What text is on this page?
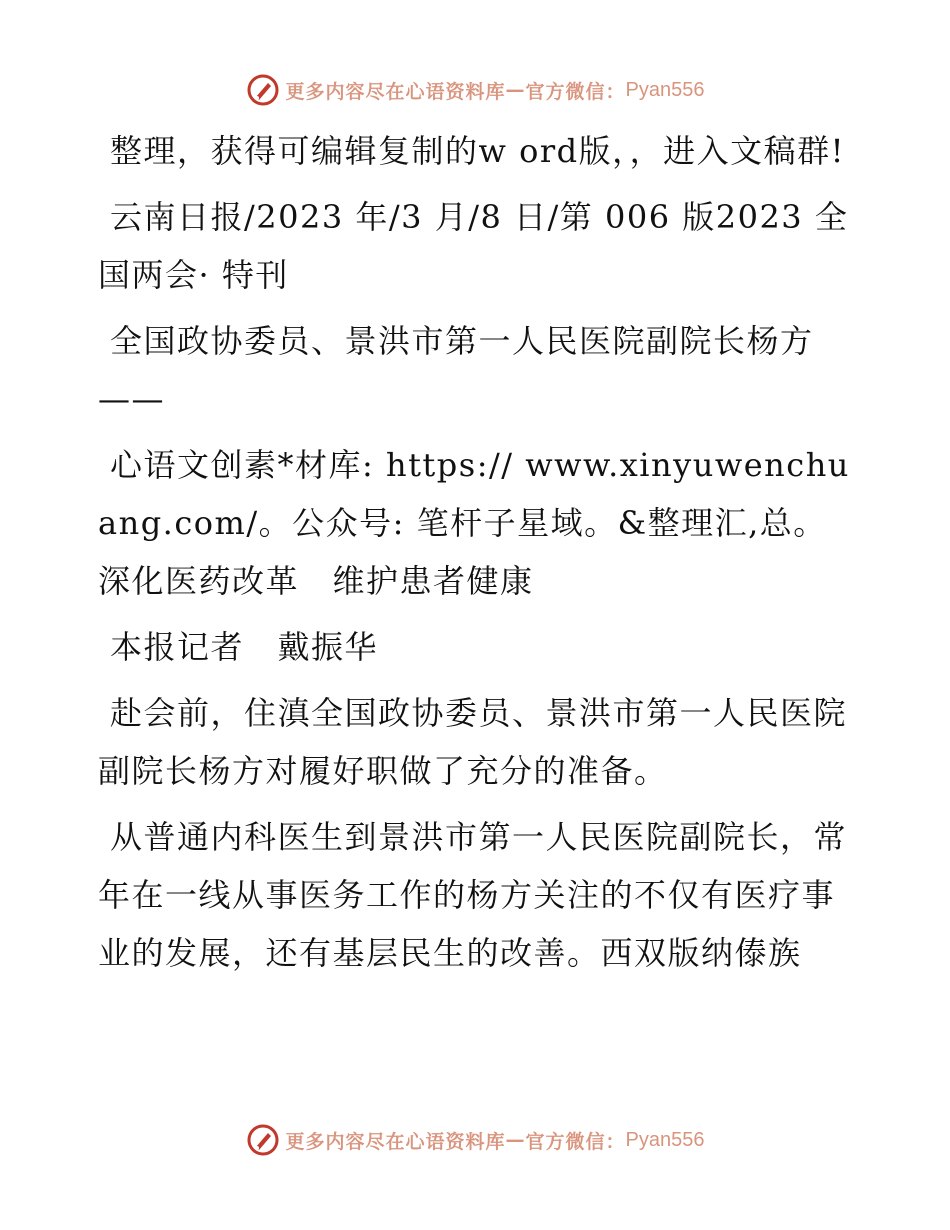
更多内容尽在心语资料库 — 官方微信： Pyan556

整理，获得可编辑复制的w ord版，，进入文稿群!

云南日报/2023 年/3 月/8 日/第 006 版2023 全国两会· 特刊

全国政协委员、景洪市第一人民医院副院长杨方——

心语文创素*材库: https:// www.xinyuwenchuang.com/。公众号: 笔杆子星域。&整理汇,总。深化医药改革　维护患者健康

本报记者　戴振华

赴会前，住滇全国政协委员、景洪市第一人民医院副院长杨方对履好职做了充分的准备。

从普通内科医生到景洪市第一人民医院副院长，常年在一线从事医务工作的杨方关注的不仅有医疗事业的发展，还有基层民生的改善。西双版纳傣族

更多内容尽在心语资料库 — 官方微信： Pyan556
